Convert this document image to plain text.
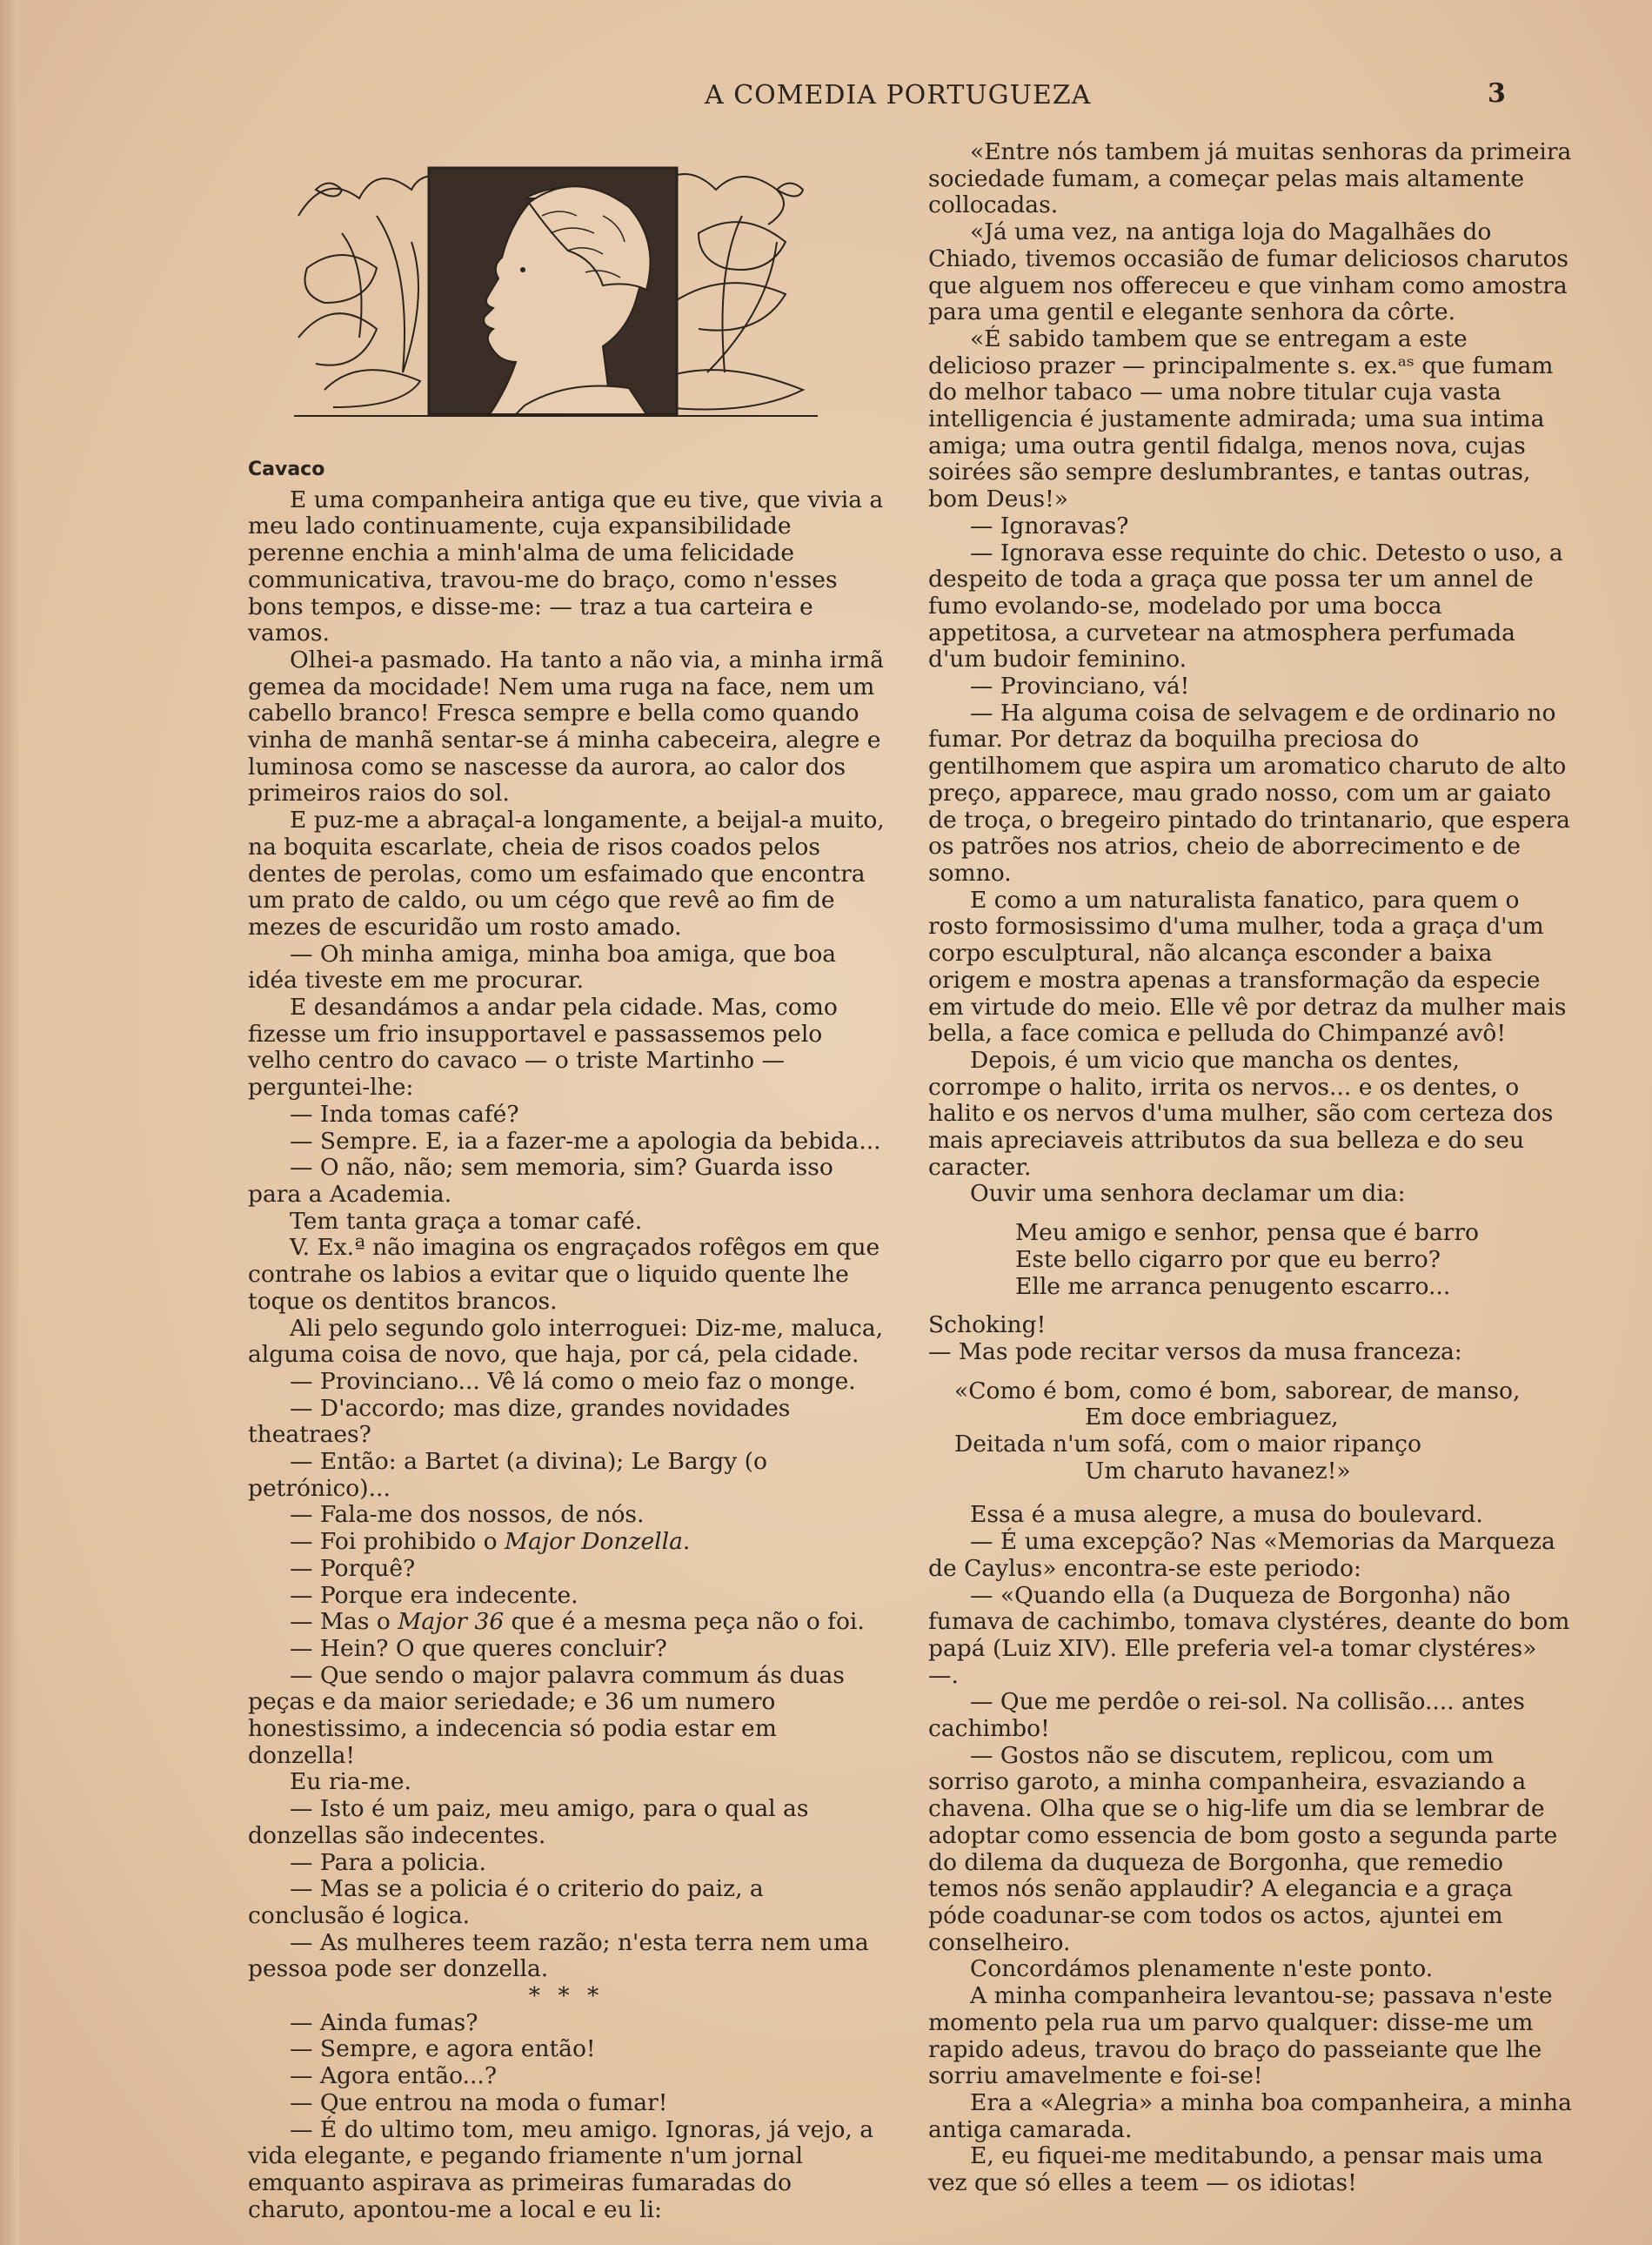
A COMEDIA PORTUGUEZA	3

Cavaco

E uma companheira antiga que eu tive, que vivia a meu lado continuamente, cuja expansibilidade perenne enchia a minh'alma de uma felicidade communicativa, travou-me do braço, como n'esses bons tempos, e disse-me: — traz a tua carteira e vamos.

Olhei-a pasmado. Ha tanto a não via, a minha irmã gemea da mocidade! Nem uma ruga na face, nem um cabello branco! Fresca sempre e bella como quando vinha de manhã sentar-se á minha cabeceira, alegre e luminosa como se nascesse da aurora, ao calor dos primeiros raios do sol.

E puz-me a abraçal-a longamente, a beijal-a muito, na boquita escarlate, cheia de risos coados pelos dentes de perolas, como um esfaimado que encontra um prato de caldo, ou um cégo que revê ao fim de mezes de escuridão um rosto amado.

— Oh minha amiga, minha boa amiga, que boa idéa tiveste em me procurar.

E desandámos a andar pela cidade. Mas, como fizesse um frio insupportavel e passassemos pelo velho centro do cavaco — o triste Martinho — perguntei-lhe:

— Inda tomas café?

— Sempre. E, ia a fazer-me a apologia da bebida...

— O não, não; sem memoria, sim? Guarda isso para a Academia.

Tem tanta graça a tomar café.

V. Ex.ª não imagina os engraçados rofêgos em que contrahe os labios a evitar que o liquido quente lhe toque os dentitos brancos.

Ali pelo segundo golo interroguei: Diz-me, maluca, alguma coisa de novo, que haja, por cá, pela cidade.

— Provinciano... Vê lá como o meio faz o monge.

— D'accordo; mas dize, grandes novidades theatraes?

— Então: a Bartet (a divina); Le Bargy (o petrónico)...

— Fala-me dos nossos, de nós.

— Foi prohibido o Major Donzella.

— Porquê?

— Porque era indecente.

— Mas o Major 36 que é a mesma peça não o foi.

— Hein? O que queres concluir?

— Que sendo o major palavra commum ás duas peças e da maior seriedade; e 36 um numero honestissimo, a indecencia só podia estar em donzella!

Eu ria-me.

— Isto é um paiz, meu amigo, para o qual as donzellas são indecentes.

— Para a policia.

— Mas se a policia é o criterio do paiz, a conclusão é logica.

— As mulheres teem razão; n'esta terra nem uma pessoa pode ser donzella.

* * *

— Ainda fumas?

— Sempre, e agora então!

— Agora então...?

— Que entrou na moda o fumar!

— É do ultimo tom, meu amigo. Ignoras, já vejo, a vida elegante, e pegando friamente n'um jornal emquanto aspirava as primeiras fumaradas do charuto, apontou-me a local e eu li:

«Entre nós tambem já muitas senhoras da primeira sociedade fumam, a começar pelas mais altamente collocadas.

«Já uma vez, na antiga loja do Magalhães do Chiado, tivemos occasião de fumar deliciosos charutos que alguem nos offereceu e que vinham como amostra para uma gentil e elegante senhora da côrte.

«É sabido tambem que se entregam a este delicioso prazer — principalmente s. ex.ᵃˢ que fumam do melhor tabaco — uma nobre titular cuja vasta intelligencia é justamente admirada; uma sua intima amiga; uma outra gentil fidalga, menos nova, cujas soirées são sempre deslumbrantes, e tantas outras, bom Deus!»

— Ignoravas?

— Ignorava esse requinte do chic. Detesto o uso, a despeito de toda a graça que possa ter um annel de fumo evolando-se, modelado por uma bocca appetitosa, a curvetear na atmosphera perfumada d'um budoir feminino.

— Provinciano, vá!

— Ha alguma coisa de selvagem e de ordinario no fumar. Por detraz da boquilha preciosa do gentilhomem que aspira um aromatico charuto de alto preço, apparece, mau grado nosso, com um ar gaiato de troça, o bregeiro pintado do trintanario, que espera os patrões nos atrios, cheio de aborrecimento e de somno.

E como a um naturalista fanatico, para quem o rosto formosissimo d'uma mulher, toda a graça d'um corpo esculptural, não alcança esconder a baixa origem e mostra apenas a transformação da especie em virtude do meio. Elle vê por detraz da mulher mais bella, a face comica e pelluda do Chimpanzé avô!

Depois, é um vicio que mancha os dentes, corrompe o halito, irrita os nervos... e os dentes, o halito e os nervos d'uma mulher, são com certeza dos mais apreciaveis attributos da sua belleza e do seu caracter.

Ouvir uma senhora declamar um dia:

Meu amigo e senhor, pensa que é barro

Este bello cigarro por que eu berro?

Elle me arranca penugento escarro...

Schoking!

— Mas pode recitar versos da musa franceza:

«Como é bom, como é bom, saborear, de manso,

Em doce embriaguez,

Deitada n'um sofá, com o maior ripanço

Um charuto havanez!»

Essa é a musa alegre, a musa do boulevard.

— É uma excepção? Nas «Memorias da Marqueza de Caylus» encontra-se este periodo:

— «Quando ella (a Duqueza de Borgonha) não fumava de cachimbo, tomava clystéres, deante do bom papá (Luiz XIV). Elle preferia vel-a tomar clystéres» —.

— Que me perdôe o rei-sol. Na collisão.... antes cachimbo!

— Gostos não se discutem, replicou, com um sorriso garoto, a minha companheira, esvaziando a chavena. Olha que se o hig-life um dia se lembrar de adoptar como essencia de bom gosto a segunda parte do dilema da duqueza de Borgonha, que remedio temos nós senão applaudir? A elegancia e a graça póde coadunar-se com todos os actos, ajuntei em conselheiro.

Concordámos plenamente n'este ponto.

A minha companheira levantou-se; passava n'este momento pela rua um parvo qualquer: disse-me um rapido adeus, travou do braço do passeiante que lhe sorriu amavelmente e foi-se!

Era a «Alegria» a minha boa companheira, a minha antiga camarada.

E, eu fiquei-me meditabundo, a pensar mais uma vez que só elles a teem — os idiotas!
